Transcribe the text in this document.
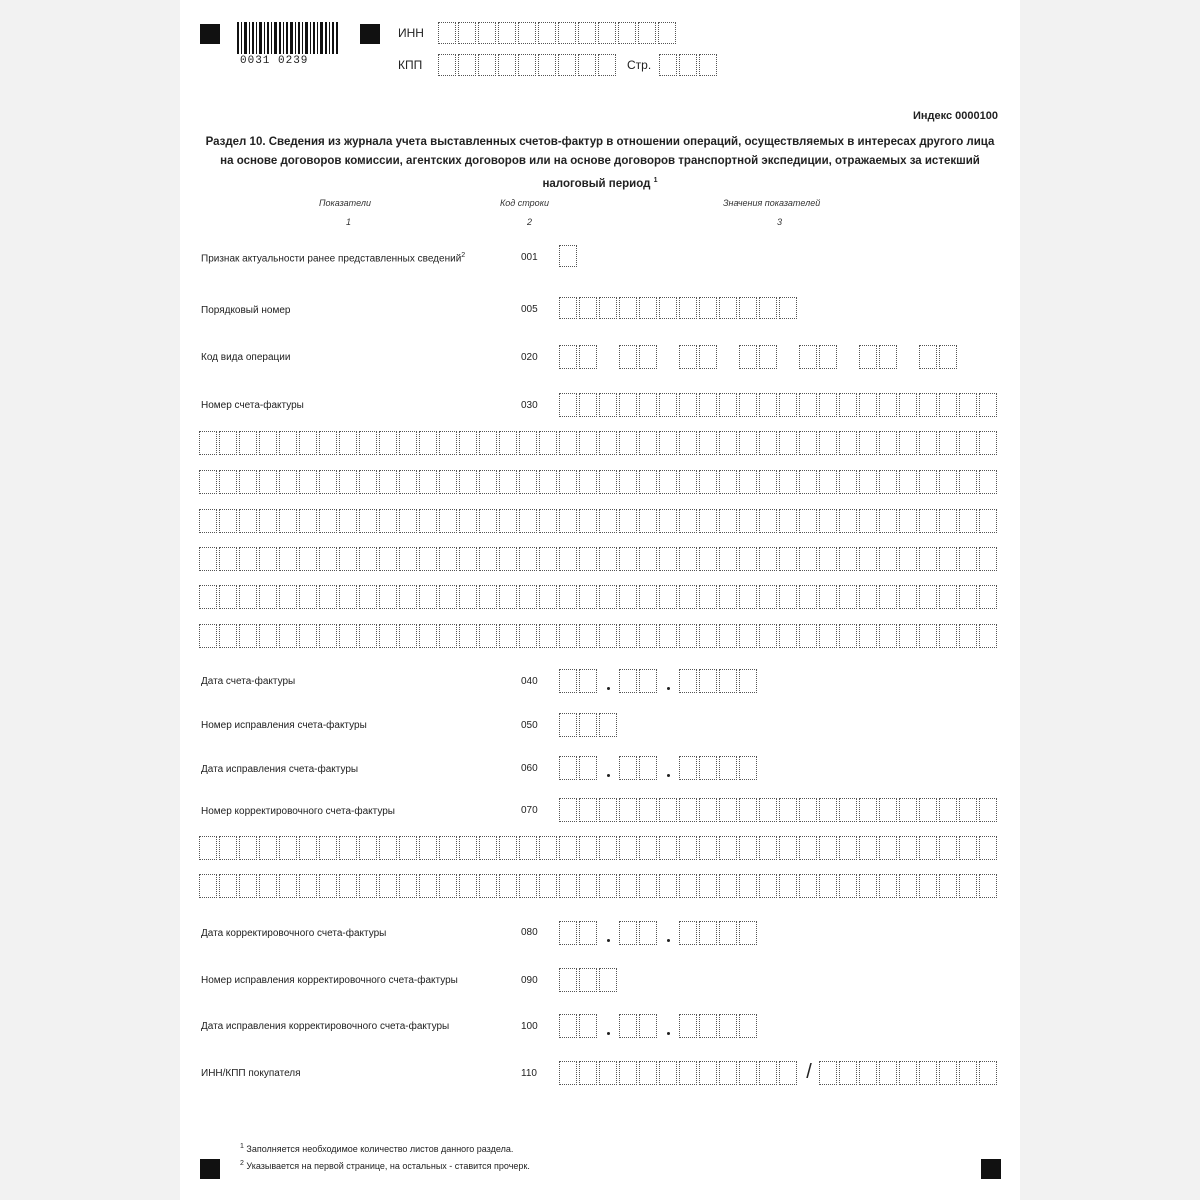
0031 0239
ИНН
КПП	Стр.
Индекс 0000100
Раздел 10. Сведения из журнала учета выставленных счетов-фактур в отношении операций, осуществляемых в интересах другого лица на основе договоров комиссии, агентских договоров или на основе договоров транспортной экспедиции, отражаемых за истекший налоговый период $^1$
Показатели	Код строки	Значения показателей
1	2	3
Признак актуальности ранее представленных сведений$^2$	001
Порядковый номер	005
Код вида операции	020
Номер счета-фактуры	030
Дата счета-фактуры	040
Номер исправления счета-фактуры	050
Дата исправления счета-фактуры	060
Номер корректировочного счета-фактуры	070
Дата корректировочного счета-фактуры	080
Номер исправления корректировочного счета-фактуры	090
Дата исправления корректировочного счета-фактуры	100
ИНН/КПП покупателя	110	/
$^1$ Заполняется необходимое количество листов данного раздела.
$^2$ Указывается на первой странице, на остальных - ставится прочерк.
